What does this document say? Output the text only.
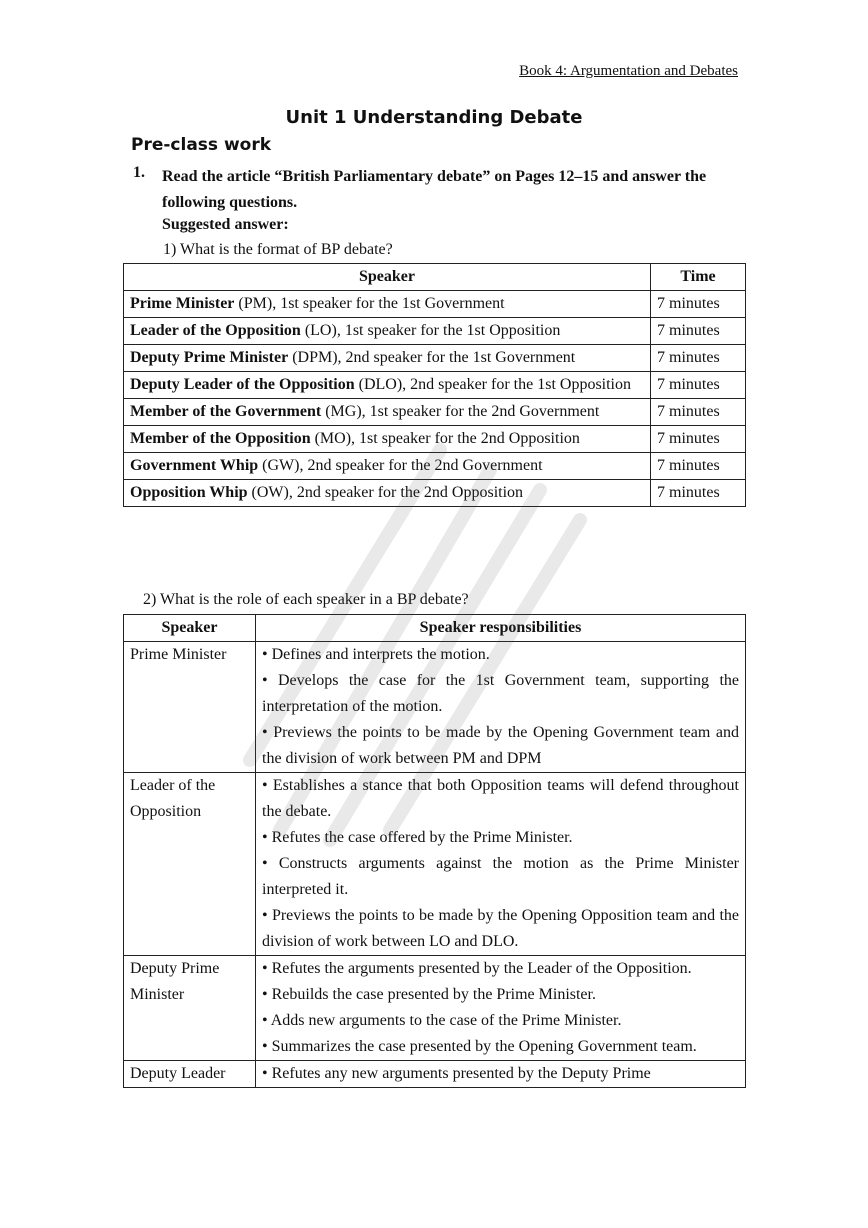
Book 4: Argumentation and Debates
Unit 1 Understanding Debate
Pre-class work
1. Read the article “British Parliamentary debate” on Pages 12–15 and answer the following questions.
Suggested answer:
1) What is the format of BP debate?
Speaker	Time
Prime Minister (PM), 1st speaker for the 1st Government	7 minutes
Leader of the Opposition (LO), 1st speaker for the 1st Opposition	7 minutes
Deputy Prime Minister (DPM), 2nd speaker for the 1st Government	7 minutes
Deputy Leader of the Opposition (DLO), 2nd speaker for the 1st Opposition	7 minutes
Member of the Government (MG), 1st speaker for the 2nd Government	7 minutes
Member of the Opposition (MO), 1st speaker for the 2nd Opposition	7 minutes
Government Whip (GW), 2nd speaker for the 2nd Government	7 minutes
Opposition Whip (OW), 2nd speaker for the 2nd Opposition	7 minutes
2) What is the role of each speaker in a BP debate?
Speaker	Speaker responsibilities
Prime Minister	• Defines and interprets the motion.

• Develops the case for the 1st Government team, supporting the interpretation of the motion.

• Previews the points to be made by the Opening Government team and the division of work between PM and DPM

Leader of the Opposition	• Establishes a stance that both Opposition teams will defend throughout the debate.

• Refutes the case offered by the Prime Minister.

• Constructs arguments against the motion as the Prime Minister interpreted it.

• Previews the points to be made by the Opening Opposition team and the division of work between LO and DLO.

Deputy Prime Minister	• Refutes the arguments presented by the Leader of the Opposition.

• Rebuilds the case presented by the Prime Minister.

• Adds new arguments to the case of the Prime Minister.

• Summarizes the case presented by the Opening Government team.

Deputy Leader	• Refutes any new arguments presented by the Deputy Prime
